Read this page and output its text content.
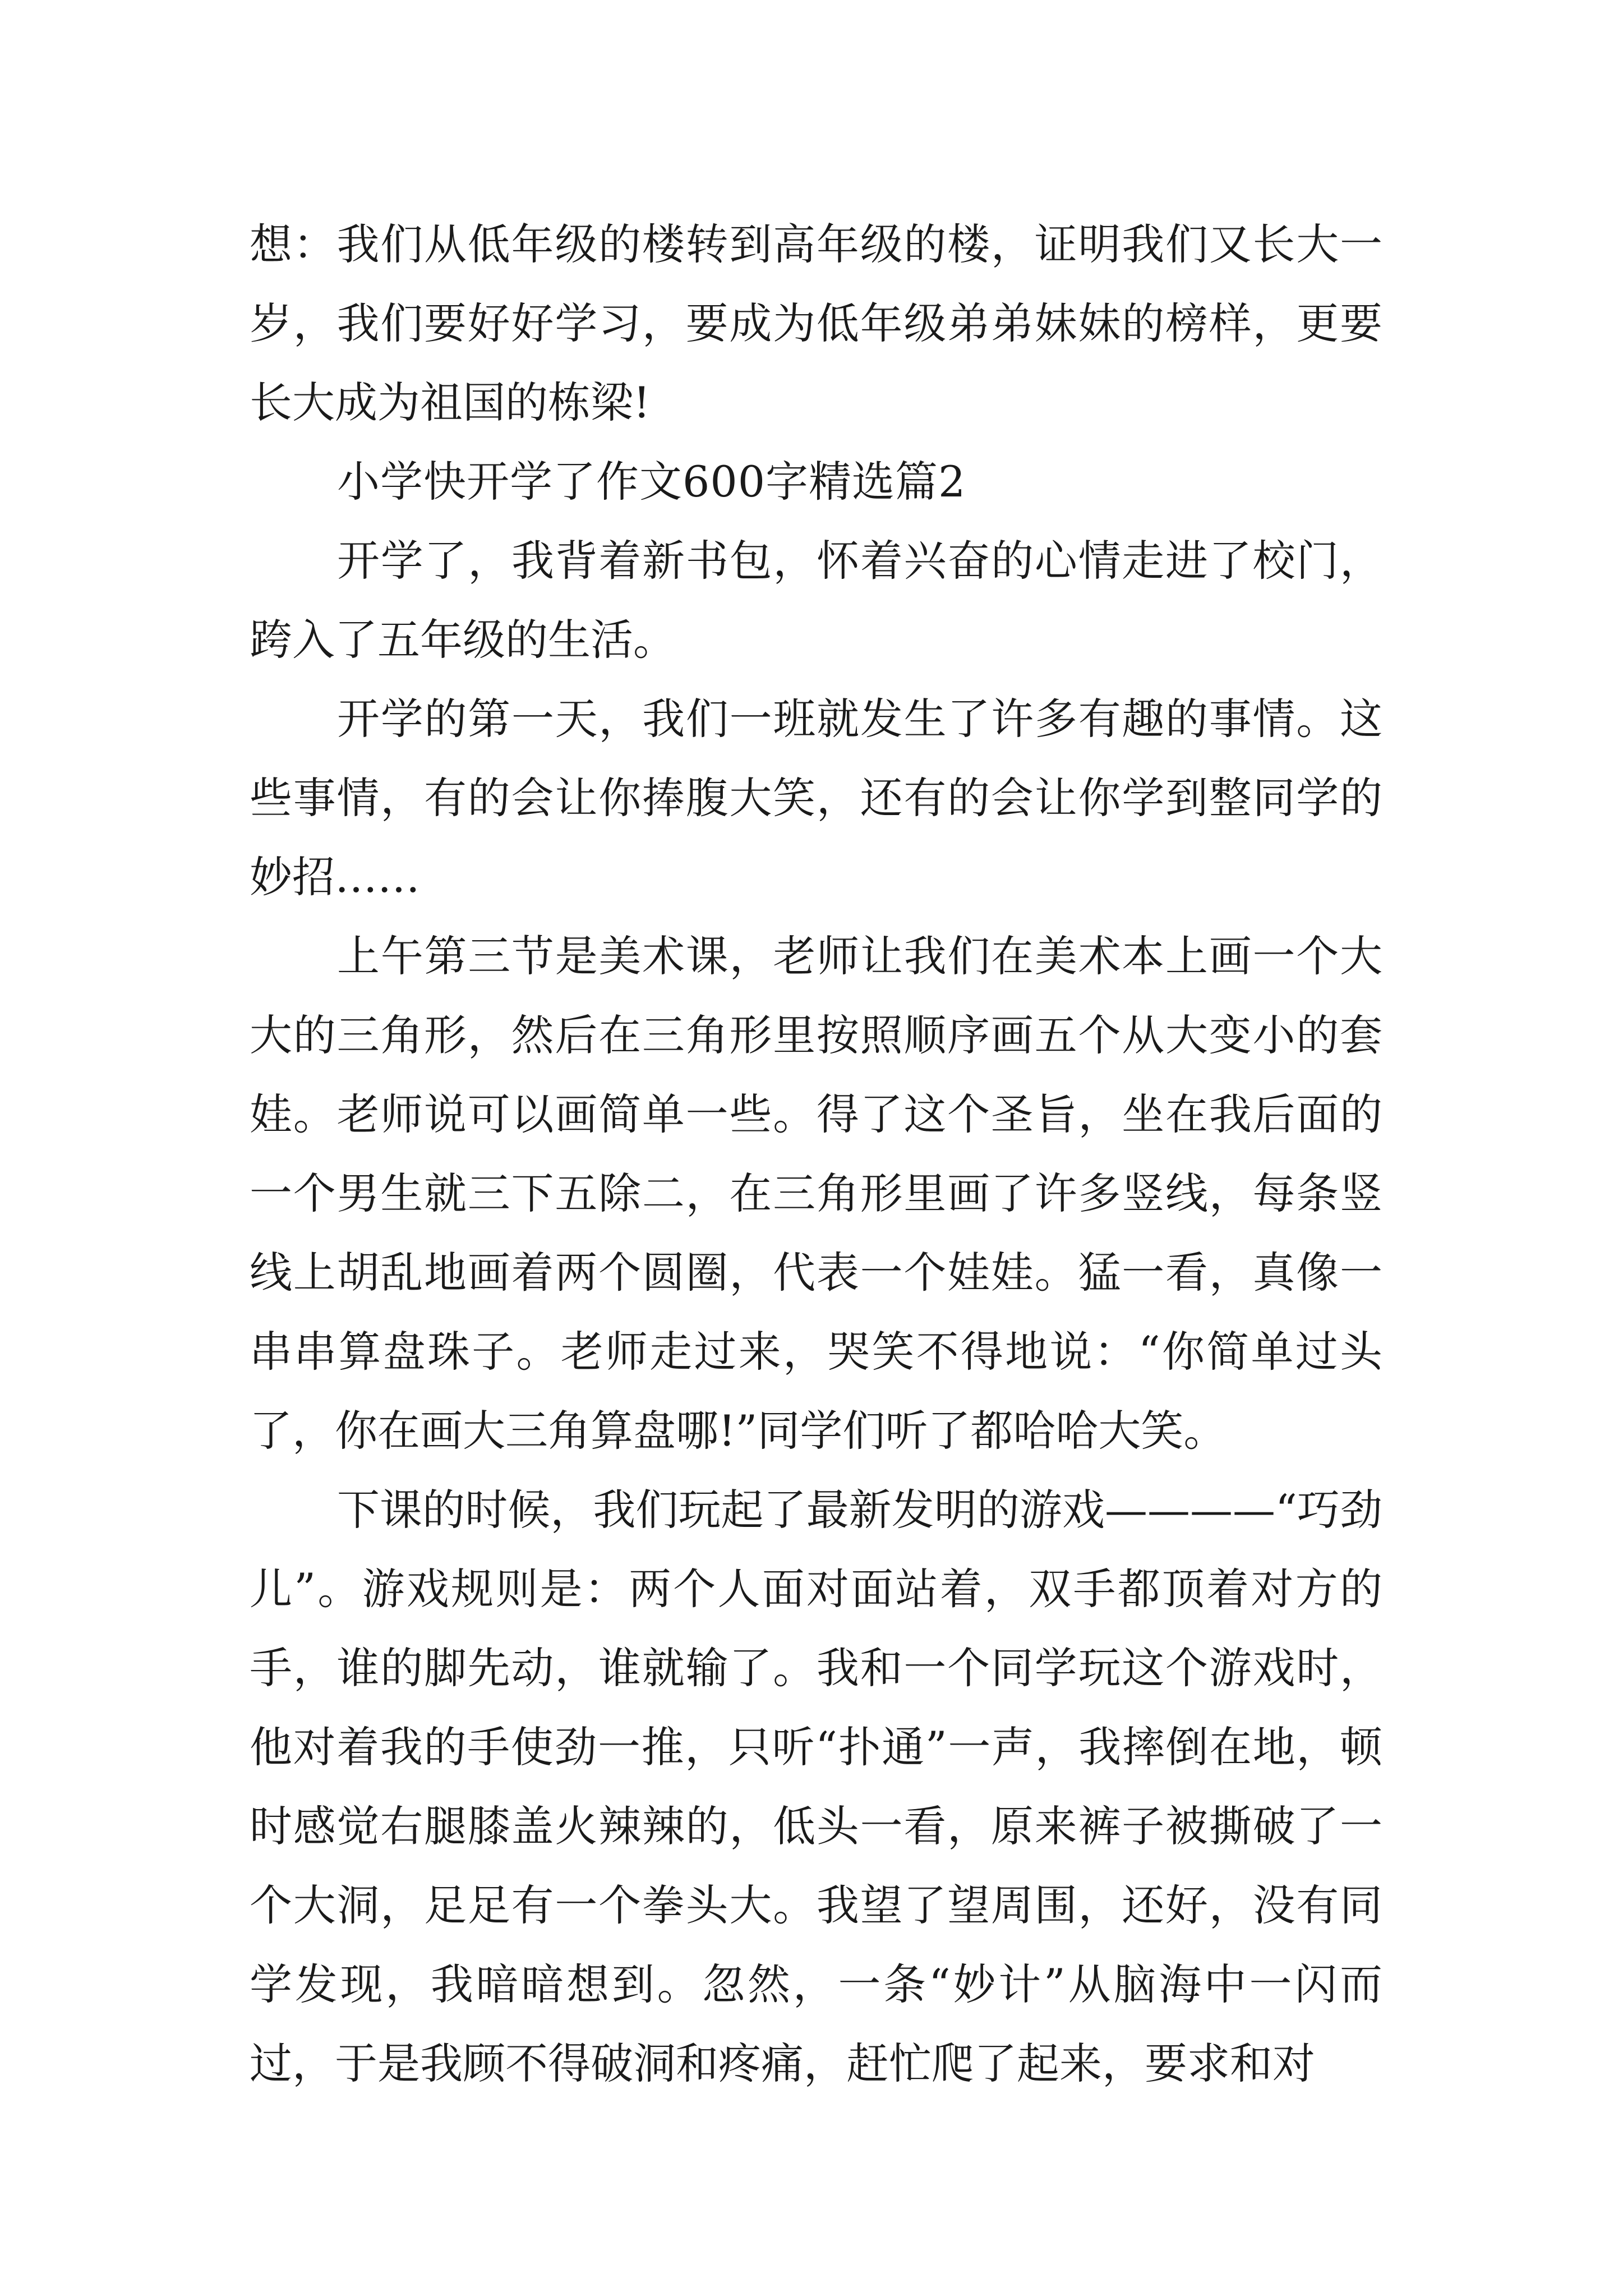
想：我们从低年级的楼转到高年级的楼，证明我们又长大一岁，我们要好好学习，要成为低年级弟弟妹妹的榜样，更要长大成为祖国的栋梁!

小学快开学了作文600字精选篇2

开学了，我背着新书包，怀着兴奋的心情走进了校门，跨入了五年级的生活。

开学的第一天，我们一班就发生了许多有趣的事情。这些事情，有的会让你捧腹大笑，还有的会让你学到整同学的妙招……

上午第三节是美术课，老师让我们在美术本上画一个大大的三角形，然后在三角形里按照顺序画五个从大变小的套娃。老师说可以画简单一些。得了这个圣旨，坐在我后面的一个男生就三下五除二，在三角形里画了许多竖线，每条竖线上胡乱地画着两个圆圈，代表一个娃娃。猛一看，真像一串串算盘珠子。老师走过来，哭笑不得地说：“你简单过头了，你在画大三角算盘哪!”同学们听了都哈哈大笑。

下课的时候，我们玩起了最新发明的游戏————“巧劲儿”。游戏规则是：两个人面对面站着，双手都顶着对方的手，谁的脚先动，谁就输了。我和一个同学玩这个游戏时，他对着我的手使劲一推，只听“扑通”一声，我摔倒在地，顿时感觉右腿膝盖火辣辣的，低头一看，原来裤子被撕破了一个大洞，足足有一个拳头大。我望了望周围，还好，没有同学发现，我暗暗想到。忽然，一条“妙计”从脑海中一闪而过，于是我顾不得破洞和疼痛，赶忙爬了起来，要求和对
